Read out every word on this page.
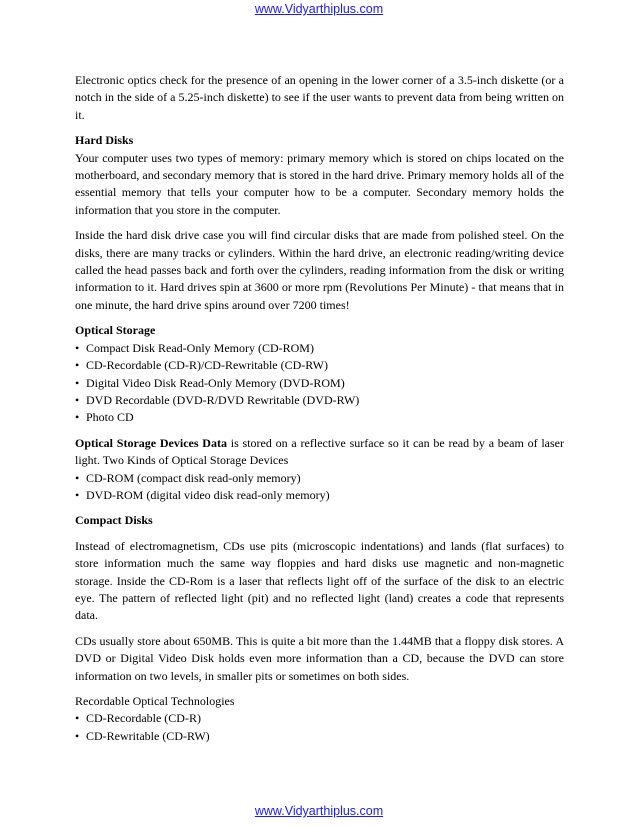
www.Vidyarthiplus.com

Electronic optics check for the presence of an opening in the lower corner of a 3.5-inch diskette (or a notch in the side of a 5.25-inch diskette) to see if the user wants to prevent data from being written on it.

Hard Disks

Your computer uses two types of memory: primary memory which is stored on chips located on the motherboard, and secondary memory that is stored in the hard drive. Primary memory holds all of the essential memory that tells your computer how to be a computer. Secondary memory holds the information that you store in the computer.

Inside the hard disk drive case you will find circular disks that are made from polished steel. On the disks, there are many tracks or cylinders. Within the hard drive, an electronic reading/writing device called the head passes back and forth over the cylinders, reading information from the disk or writing information to it. Hard drives spin at 3600 or more rpm (Revolutions Per Minute) - that means that in one minute, the hard drive spins around over 7200 times!

Optical Storage

• Compact Disk Read-Only Memory (CD-ROM)
• CD-Recordable (CD-R)/CD-Rewritable (CD-RW)
• Digital Video Disk Read-Only Memory (DVD-ROM)
• DVD Recordable (DVD-R/DVD Rewritable (DVD-RW)
• Photo CD

Optical Storage Devices Data is stored on a reflective surface so it can be read by a beam of laser light. Two Kinds of Optical Storage Devices

• CD-ROM (compact disk read-only memory)
• DVD-ROM (digital video disk read-only memory)

Compact Disks

Instead of electromagnetism, CDs use pits (microscopic indentations) and lands (flat surfaces) to store information much the same way floppies and hard disks use magnetic and non-magnetic storage. Inside the CD-Rom is a laser that reflects light off of the surface of the disk to an electric eye. The pattern of reflected light (pit) and no reflected light (land) creates a code that represents data.

CDs usually store about 650MB. This is quite a bit more than the 1.44MB that a floppy disk stores. A DVD or Digital Video Disk holds even more information than a CD, because the DVD can store information on two levels, in smaller pits or sometimes on both sides.

Recordable Optical Technologies

• CD-Recordable (CD-R)
• CD-Rewritable (CD-RW)
www.Vidyarthiplus.com
